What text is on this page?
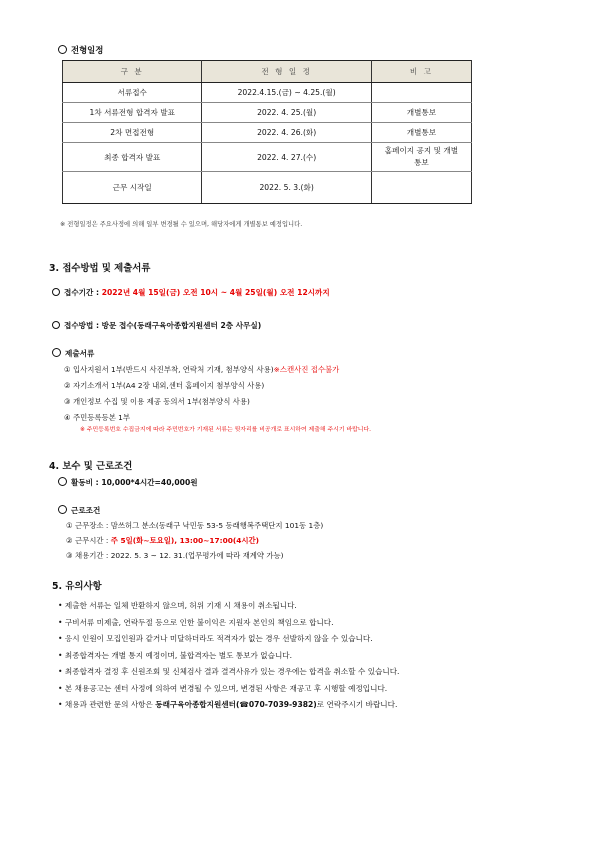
전형일정
구 분	전 형 일 정	비 고
서류접수	2022.4.15.(금) ~ 4.25.(월)	
1차 서류전형 합격자 발표	2022. 4. 25.(월)	개별통보
2차 면접전형	2022. 4. 26.(화)	개별통보
최종 합격자 발표	2022. 4. 27.(수)	홈페이지 공지 및 개별 통보
근무 시작일	2022. 5. 3.(화)	
※ 전형일정은 주요사정에 의해 일부 변경될 수 있으며, 해당자에게 개별통보 예정입니다.
3. 접수방법 및 제출서류
접수기간 : 2022년 4월 15일(금) 오전 10시 ~ 4월 25일(월) 오전 12시까지
접수방법 : 방문 접수(동래구육아종합지원센터 2층 사무실)
제출서류
① 입사지원서 1부(반드시 사진부착, 연락처 기재, 첨부양식 사용)※스캔사진 접수불가
② 자기소개서 1부(A4 2장 내외,센터 홈페이지 첨부양식 사용)
③ 개인정보 수집 및 이용 제공 동의서 1부(첨부양식 사용)
④ 주민등록등본 1부
※ 주민등록번호 수집금지에 따라 주민번호가 기재된 서류는 뒷자리를 비공개로 표시하여 제출해 주시기 바랍니다.
4. 보수 및 근로조건
활동비 : 10,000*4시간=40,000원
근로조건
① 근무장소 : 맘쓰허그 분소(동래구 낙민동 53-5 동래행복주택단지 101동 1층)
② 근무시간 : 주 5일(화~토요일), 13:00~17:00(4시간)
③ 채용기간 : 2022. 5. 3 ~ 12. 31.(업무평가에 따라 재계약 가능)
5. 유의사항
• 제출한 서류는 일체 반환하지 않으며, 허위 기재 시 채용이 취소됩니다.
• 구비서류 미제출, 연락두절 등으로 인한 불이익은 지원자 본인의 책임으로 합니다.
• 응시 인원이 모집인원과 같거나 미달하더라도 적격자가 없는 경우 선발하지 않을 수 있습니다.
• 최종합격자는 개별 통지 예정이며, 불합격자는 별도 통보가 없습니다.
• 최종합격자 결정 후 신원조회 및 신체검사 결과 결격사유가 있는 경우에는 합격을 취소할 수 있습니다.
• 본 채용공고는 센터 사정에 의하여 변경될 수 있으며, 변경된 사항은 재공고 후 시행할 예정입니다.
• 채용과 관련한 문의 사항은 동래구육아종합지원센터(☎070-7039-9382)로 연락주시기 바랍니다.
